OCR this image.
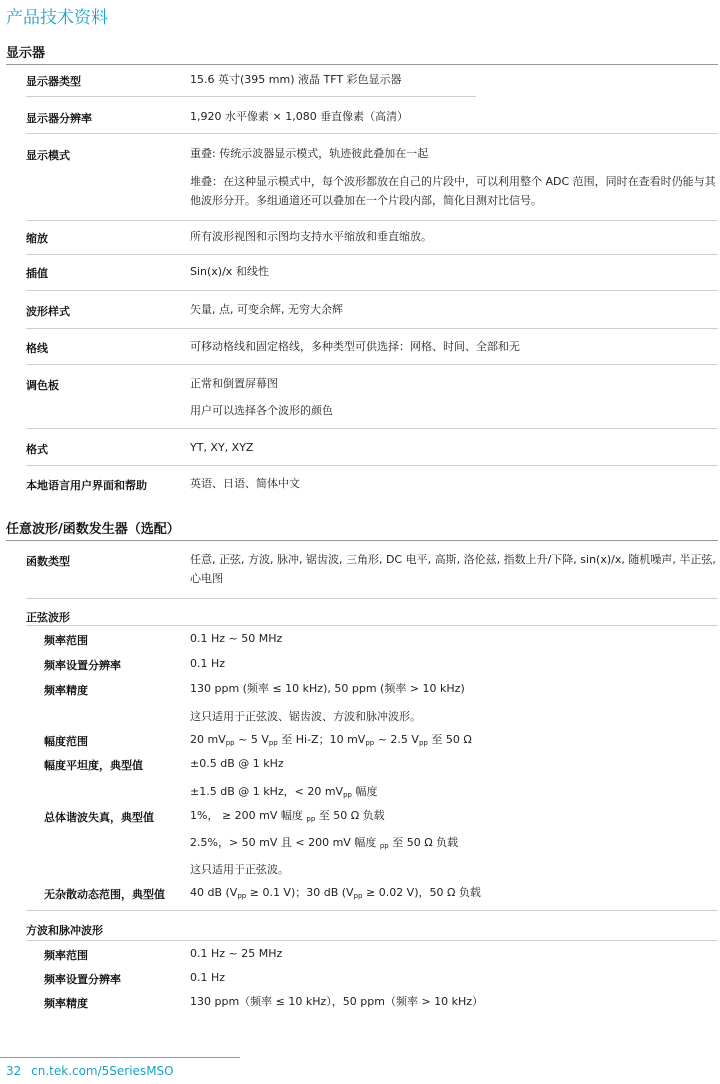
产品技术资料
显示器
显示器类型	15.6 英寸(395 mm) 液晶 TFT 彩色显示器
显示器分辨率	1,920 水平像素 × 1,080 垂直像素（高清）
显示模式	重叠: 传统示波器显示模式，轨迹彼此叠加在一起
堆叠：在这种显示模式中，每个波形都放在自己的片段中，可以利用整个 ADC 范围，同时在查看时仍能与其他波形分开。多组通道还可以叠加在一个片段内部，简化目测对比信号。
缩放	所有波形视图和示图均支持水平缩放和垂直缩放。
插值	Sin(x)/x 和线性
波形样式	矢量, 点, 可变余辉, 无穷大余辉
格线	可移动格线和固定格线，多种类型可供选择：网格、时间、全部和无
调色板	正常和倒置屏幕图
用户可以选择各个波形的颜色
格式	YT, XY, XYZ
本地语言用户界面和帮助	英语、日语、简体中文
任意波形/函数发生器（选配）
函数类型	任意, 正弦, 方波, 脉冲, 锯齿波, 三角形, DC 电平, 高斯, 洛伦兹, 指数上升/下降, sin(x)/x, 随机噪声, 半正弦, 心电图
正弦波形
频率范围	0.1 Hz ~ 50 MHz
频率设置分辨率	0.1 Hz
频率精度	130 ppm (频率 ≤ 10 kHz), 50 ppm (频率 > 10 kHz)
这只适用于正弦波、锯齿波、方波和脉冲波形。
幅度范围	20 $mV_{pp}$ ~ 5 $V_{pp}$ 至 Hi-Z；10 $mV_{pp}$ ~ 2.5 $V_{pp}$ 至 50 Ω
幅度平坦度，典型值	±0.5 dB @ 1 kHz
±1.5 dB @ 1 kHz，< 20 $mV_{pp}$ 幅度
总体谐波失真，典型值	1%， ≥ 200 mV 幅度 $_{pp}$ 至 50 Ω 负载
2.5%，> 50 mV 且 < 200 mV 幅度 $_{pp}$ 至 50 Ω 负载
这只适用于正弦波。
无杂散动态范围，典型值 40 dB ($V_{pp} \ge 0.1$ V)；30 dB ($V_{pp} \ge 0.02$ V)，50 Ω 负载
方波和脉冲波形
频率范围	0.1 Hz ~ 25 MHz
频率设置分辨率	0.1 Hz
频率精度	130 ppm（频率 ≤ 10 kHz），50 ppm（频率 > 10 kHz）
32 cn.tek.com/5SeriesMSO
